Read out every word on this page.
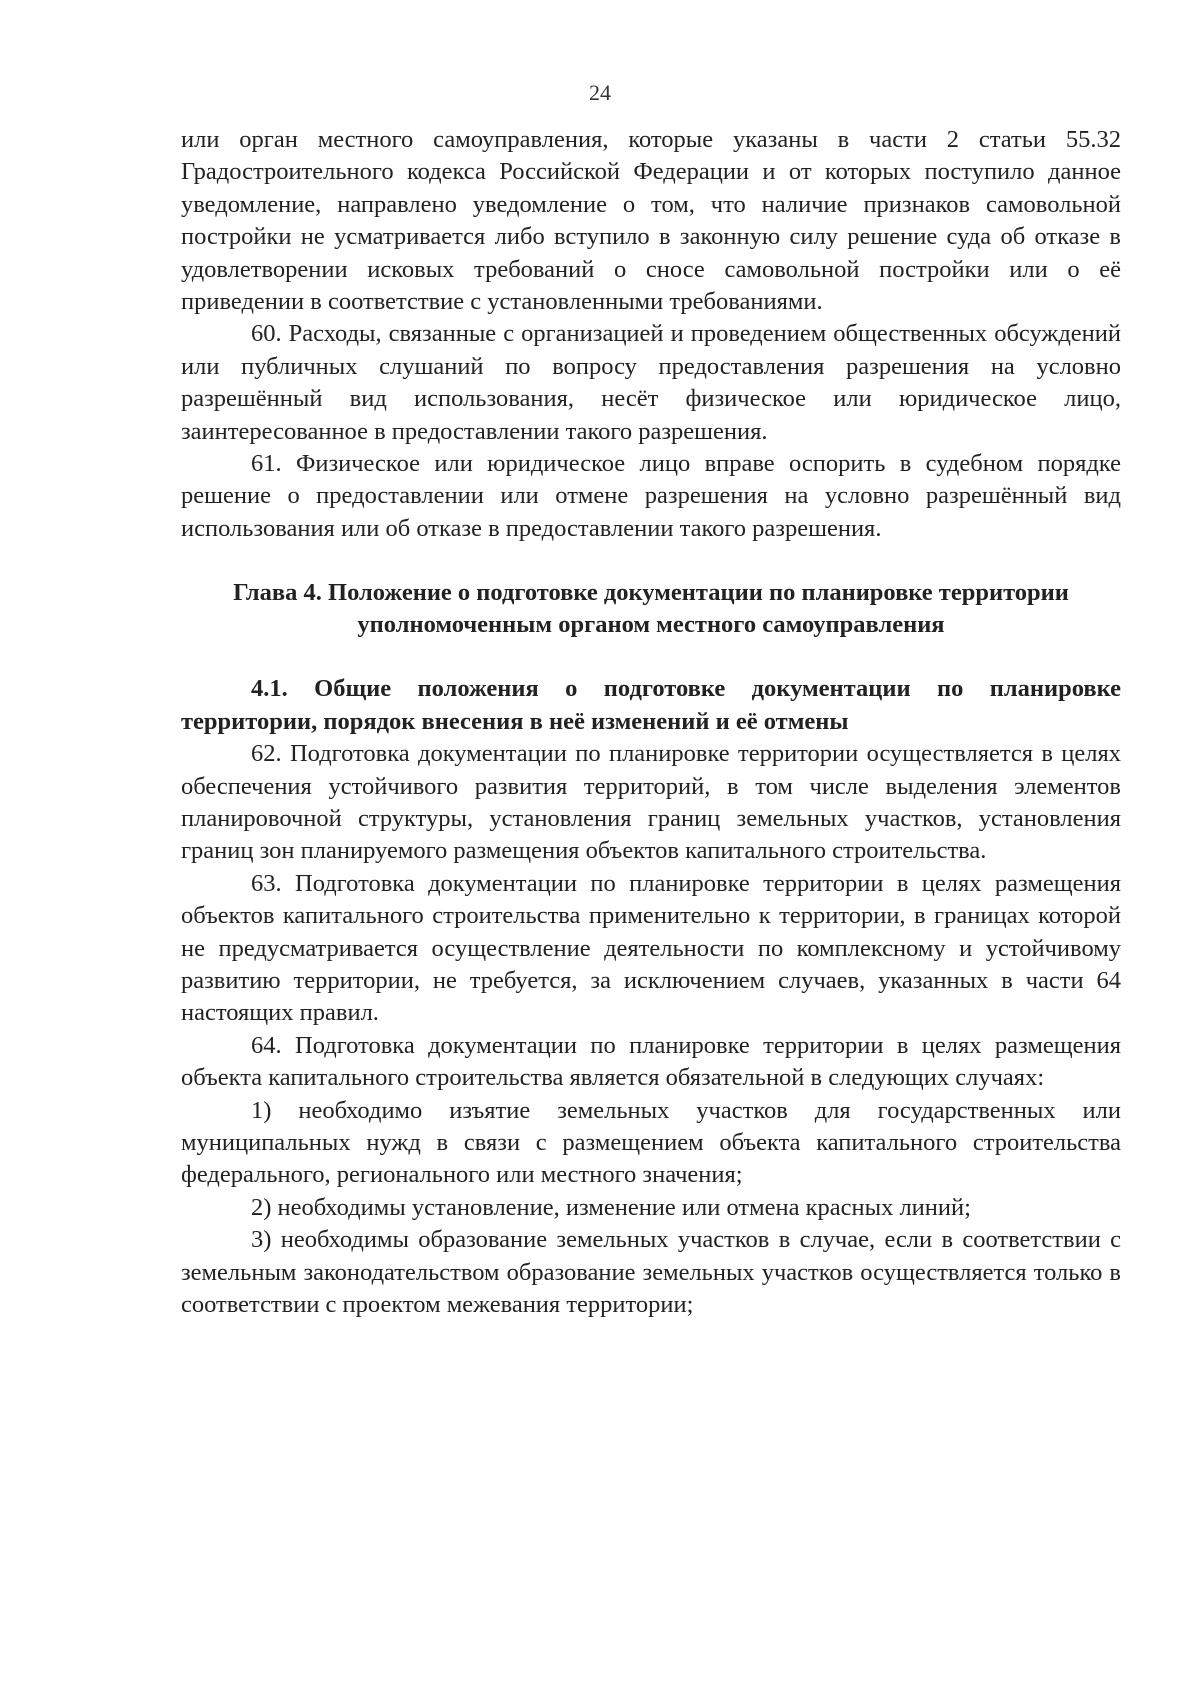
24

или орган местного самоуправления, которые указаны в части 2 статьи 55.32 Градостроительного кодекса Российской Федерации и от которых поступило данное уведомление, направлено уведомление о том, что наличие признаков самовольной постройки не усматривается либо вступило в законную силу решение суда об отказе в удовлетворении исковых требований о сносе самовольной постройки или о её приведении в соответствие с установленными требованиями.

60. Расходы, связанные с организацией и проведением общественных обсуждений или публичных слушаний по вопросу предоставления разрешения на условно разрешённый вид использования, несёт физическое или юридическое лицо, заинтересованное в предоставлении такого разрешения.

61. Физическое или юридическое лицо вправе оспорить в судебном порядке решение о предоставлении или отмене разрешения на условно разрешённый вид использования или об отказе в предоставлении такого разрешения.

Глава 4. Положение о подготовке документации по планировке территории уполномоченным органом местного самоуправления

4.1. Общие положения о подготовке документации по планировке территории, порядок внесения в неё изменений и её отмены

62. Подготовка документации по планировке территории осуществляется в целях обеспечения устойчивого развития территорий, в том числе выделения элементов планировочной структуры, установления границ земельных участков, установления границ зон планируемого размещения объектов капитального строительства.

63. Подготовка документации по планировке территории в целях размещения объектов капитального строительства применительно к территории, в границах которой не предусматривается осуществление деятельности по комплексному и устойчивому развитию территории, не требуется, за исключением случаев, указанных в части 64 настоящих правил.

64. Подготовка документации по планировке территории в целях размещения объекта капитального строительства является обязательной в следующих случаях:

1) необходимо изъятие земельных участков для государственных или муниципальных нужд в связи с размещением объекта капитального строительства федерального, регионального или местного значения;

2) необходимы установление, изменение или отмена красных линий;

3) необходимы образование земельных участков в случае, если в соответствии с земельным законодательством образование земельных участков осуществляется только в соответствии с проектом межевания территории;
